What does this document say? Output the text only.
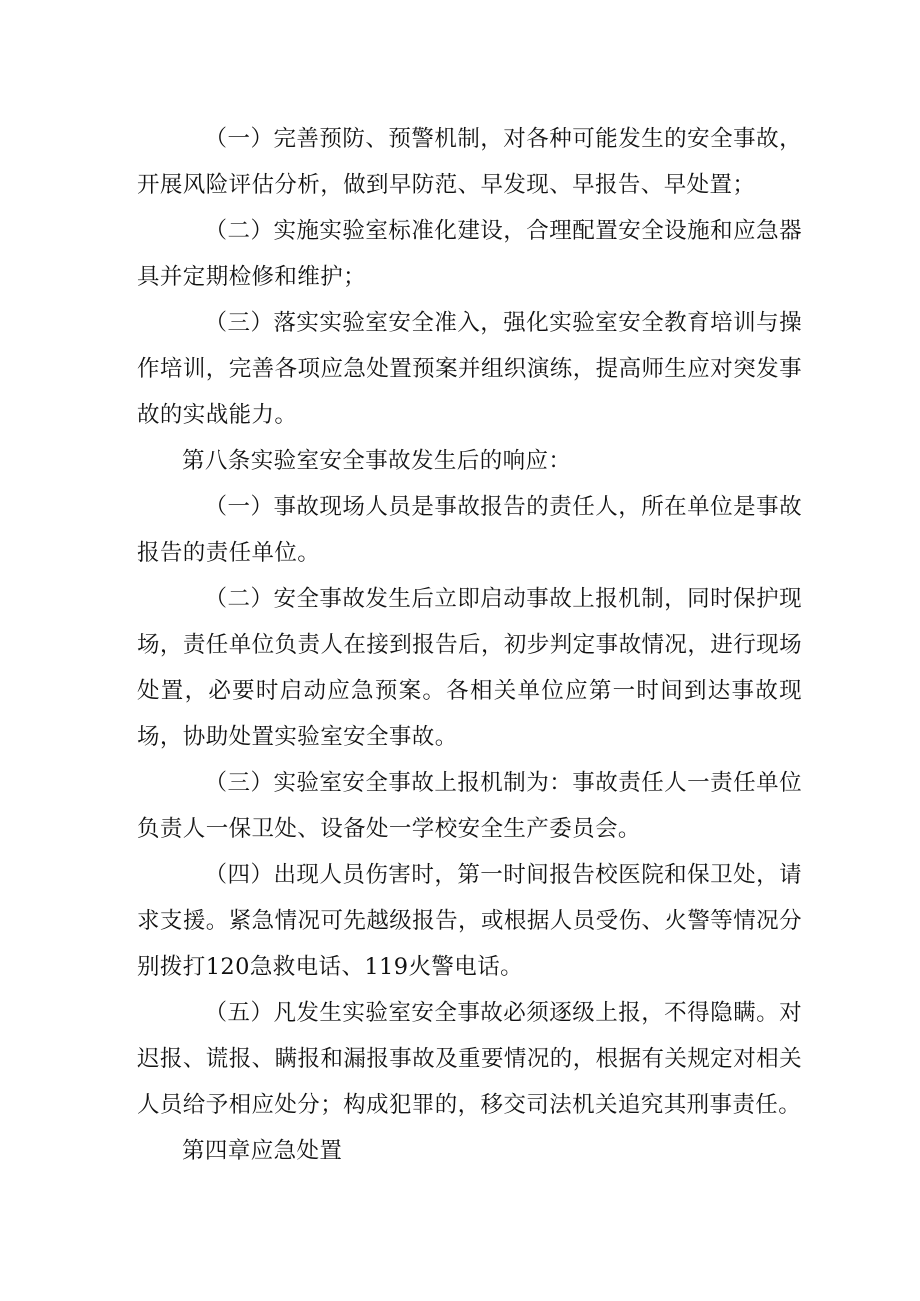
（一）完善预防、预警机制，对各种可能发生的安全事故，开展风险评估分析，做到早防范、早发现、早报告、早处置；

（二）实施实验室标准化建设，合理配置安全设施和应急器具并定期检修和维护；

（三）落实实验室安全准入，强化实验室安全教育培训与操作培训，完善各项应急处置预案并组织演练，提高师生应对突发事故的实战能力。

第八条实验室安全事故发生后的响应：

（一）事故现场人员是事故报告的责任人，所在单位是事故报告的责任单位。

（二）安全事故发生后立即启动事故上报机制，同时保护现场，责任单位负责人在接到报告后，初步判定事故情况，进行现场处置，必要时启动应急预案。各相关单位应第一时间到达事故现场，协助处置实验室安全事故。

（三）实验室安全事故上报机制为：事故责任人一责任单位负责人一保卫处、设备处一学校安全生产委员会。

（四）出现人员伤害时，第一时间报告校医院和保卫处，请求支援。紧急情况可先越级报告，或根据人员受伤、火警等情况分别拨打120急救电话、119火警电话。

（五）凡发生实验室安全事故必须逐级上报，不得隐瞒。对迟报、谎报、瞒报和漏报事故及重要情况的，根据有关规定对相关人员给予相应处分；构成犯罪的，移交司法机关追究其刑事责任。

第四章应急处置
